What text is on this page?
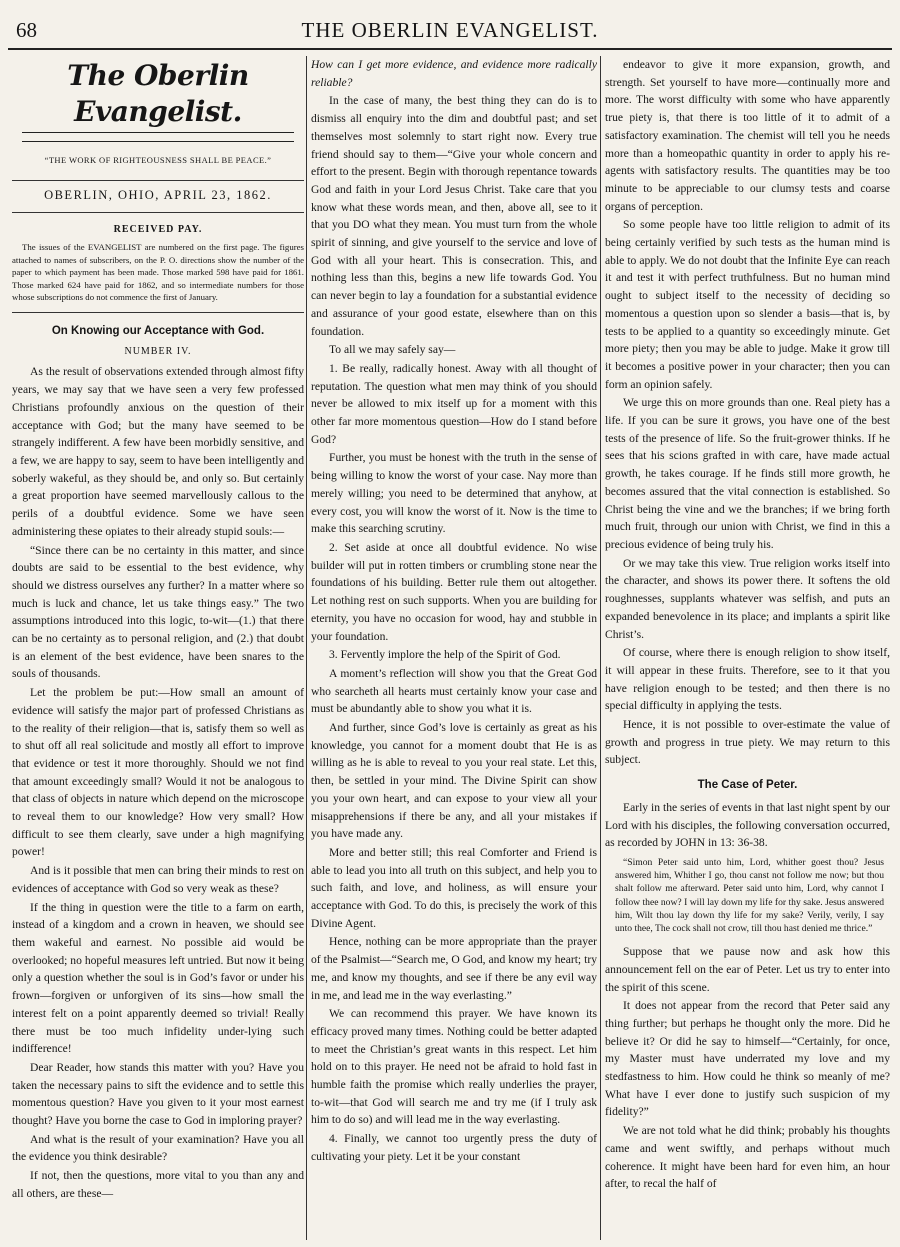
68	THE OBERLIN EVANGELIST.
The Oberlin Evangelist.
“THE WORK OF RIGHTEOUSNESS SHALL BE PEACE.”
OBERLIN, OHIO, APRIL 23, 1862.
RECEIVED PAY.
The issues of the EVANGELIST are numbered on the first page. The figures attached to names of subscribers, on the P. O. directions show the number of the paper to which payment has been made. Those marked 598 have paid for 1861. Those marked 624 have paid for 1862, and so intermediate numbers for those whose subscriptions do not commence the first of January.
On Knowing our Acceptance with God.
NUMBER IV.

As the result of observations extended through almost fifty years, we may say that we have seen a very few professed Christians profoundly anxious on the question of their acceptance with God; but the many have seemed to be strangely indifferent. A few have been morbidly sensitive, and a few, we are happy to say, seem to have been intelligently and soberly wakeful, as they should be, and only so. But certainly a great proportion have seemed marvellously callous to the perils of a doubtful evidence. Some we have seen administering these opiates to their already stupid souls:—

“Since there can be no certainty in this matter, and since doubts are said to be essential to the best evidence, why should we distress ourselves any further? In a matter where so much is luck and chance, let us take things easy.” The two assumptions introduced into this logic, to-wit—(1.) that there can be no certainty as to personal religion, and (2.) that doubt is an element of the best evidence, have been snares to the souls of thousands.

Let the problem be put:—How small an amount of evidence will satisfy the major part of professed Christians as to the reality of their religion—that is, satisfy them so well as to shut off all real solicitude and mostly all effort to improve that evidence or test it more thoroughly. Should we not find that amount exceedingly small? Would it not be analogous to that class of objects in nature which depend on the microscope to reveal them to our knowledge? How very small? How difficult to see them clearly, save under a high magnifying power!

And is it possible that men can bring their minds to rest on evidences of acceptance with God so very weak as these?

If the thing in question were the title to a farm on earth, instead of a kingdom and a crown in heaven, we should see them wakeful and earnest. No possible aid would be overlooked; no hopeful measures left untried. But now it being only a question whether the soul is in God’s favor or under his frown—forgiven or unforgiven of its sins—how small the interest felt on a point apparently deemed so trivial! Really there must be too much infidelity under-lying such indifference!

Dear Reader, how stands this matter with you? Have you taken the necessary pains to sift the evidence and to settle this momentous question? Have you given to it your most earnest thought? Have you borne the case to God in imploring prayer?

And what is the result of your examination? Have you all the evidence you think desirable?

If not, then the questions, more vital to you than any and all others, are these—

How can I get more evidence, and evidence more radically reliable?

In the case of many, the best thing they can do is to dismiss all enquiry into the dim and doubtful past; and set themselves most solemnly to start right now. Every true friend should say to them—“Give your whole concern and effort to the present. Begin with thorough repentance towards God and faith in your Lord Jesus Christ. Take care that you know what these words mean, and then, above all, see to it that you DO what they mean. You must turn from the whole spirit of sinning, and give yourself to the service and love of God with all your heart. This is consecration. This, and nothing less than this, begins a new life towards God. You can never begin to lay a foundation for a substantial evidence and assurance of your good estate, elsewhere than on this foundation.

To all we may safely say—

1. Be really, radically honest. Away with all thought of reputation. The question what men may think of you should never be allowed to mix itself up for a moment with this other far more momentous question—How do I stand before God?

Further, you must be honest with the truth in the sense of being willing to know the worst of your case. Nay more than merely willing; you need to be determined that anyhow, at every cost, you will know the worst of it. Now is the time to make this searching scrutiny.

2. Set aside at once all doubtful evidence. No wise builder will put in rotten timbers or crumbling stone near the foundations of his building. Better rule them out altogether. Let nothing rest on such supports. When you are building for eternity, you have no occasion for wood, hay and stubble in your foundation.

3. Fervently implore the help of the Spirit of God.

A moment’s reflection will show you that the Great God who searcheth all hearts must certainly know your case and must be abundantly able to show you what it is.

And further, since God’s love is certainly as great as his knowledge, you cannot for a moment doubt that He is as willing as he is able to reveal to you your real state. Let this, then, be settled in your mind. The Divine Spirit can show you your own heart, and can expose to your view all your misapprehensions if there be any, and all your mistakes if you have made any.

More and better still; this real Comforter and Friend is able to lead you into all truth on this subject, and help you to such faith, and love, and holiness, as will ensure your acceptance with God. To do this, is precisely the work of this Divine Agent.

Hence, nothing can be more appropriate than the prayer of the Psalmist—“Search me, O God, and know my heart; try me, and know my thoughts, and see if there be any evil way in me, and lead me in the way everlasting.”

We can recommend this prayer. We have known its efficacy proved many times. Nothing could be better adapted to meet the Christian’s great wants in this respect. Let him hold on to this prayer. He need not be afraid to hold fast in humble faith the promise which really underlies the prayer, to-wit—that God will search me and try me (if I truly ask him to do so) and will lead me in the way everlasting.

4. Finally, we cannot too urgently press the duty of cultivating your piety. Let it be your constant

endeavor to give it more expansion, growth, and strength. Set yourself to have more—continually more and more. The worst difficulty with some who have apparently true piety is, that there is too little of it to admit of a satisfactory examination. The chemist will tell you he needs more than a homeopathic quantity in order to apply his re-agents with satisfactory results. The quantities may be too minute to be appreciable to our clumsy tests and coarse organs of perception.

So some people have too little religion to admit of its being certainly verified by such tests as the human mind is able to apply. We do not doubt that the Infinite Eye can reach it and test it with perfect truthfulness. But no human mind ought to subject itself to the necessity of deciding so momentous a question upon so slender a basis—that is, by tests to be applied to a quantity so exceedingly minute. Get more piety; then you may be able to judge. Make it grow till it becomes a positive power in your character; then you can form an opinion safely.

We urge this on more grounds than one. Real piety has a life. If you can be sure it grows, you have one of the best tests of the presence of life. So the fruit-grower thinks. If he sees that his scions grafted in with care, have made actual growth, he takes courage. If he finds still more growth, he becomes assured that the vital connection is established. So Christ being the vine and we the branches; if we bring forth much fruit, through our union with Christ, we find in this a precious evidence of being truly his.

Or we may take this view. True religion works itself into the character, and shows its power there. It softens the old roughnesses, supplants whatever was selfish, and puts an expanded benevolence in its place; and implants a spirit like Christ’s.

Of course, where there is enough religion to show itself, it will appear in these fruits. Therefore, see to it that you have religion enough to be tested; and then there is no special difficulty in applying the tests.

Hence, it is not possible to over-estimate the value of growth and progress in true piety. We may return to this subject.

The Case of Peter.

Early in the series of events in that last night spent by our Lord with his disciples, the following conversation occurred, as recorded by JOHN in 13: 36-38.

“Simon Peter said unto him, Lord, whither goest thou? Jesus answered him, Whither I go, thou canst not follow me now; but thou shalt follow me afterward. Peter said unto him, Lord, why cannot I follow thee now? I will lay down my life for thy sake. Jesus answered him, Wilt thou lay down thy life for my sake? Verily, verily, I say unto thee, The cock shall not crow, till thou hast denied me thrice.”

Suppose that we pause now and ask how this announcement fell on the ear of Peter. Let us try to enter into the spirit of this scene.

It does not appear from the record that Peter said any thing further; but perhaps he thought only the more. Did he believe it? Or did he say to himself—“Certainly, for once, my Master must have underrated my love and my stedfastness to him. How could he think so meanly of me? What have I ever done to justify such suspicion of my fidelity?”

We are not told what he did think; probably his thoughts came and went swiftly, and perhaps without much coherence. It might have been hard for even him, an hour after, to recal the half of
